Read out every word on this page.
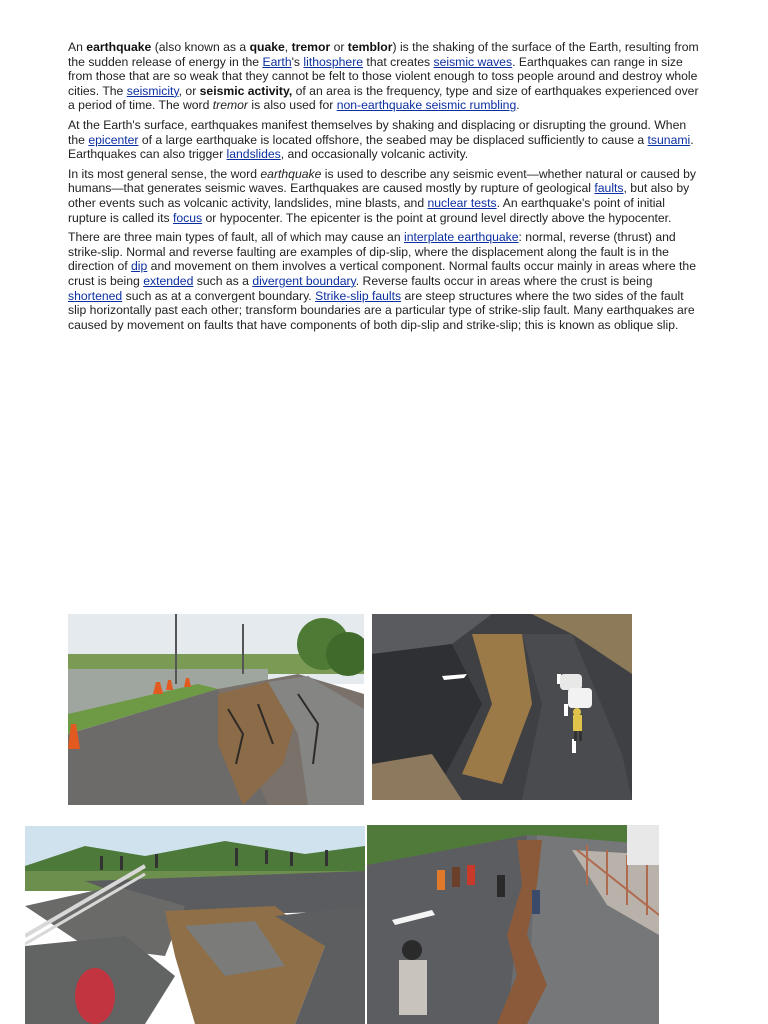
An earthquake (also known as a quake, tremor or temblor) is the shaking of the surface of the Earth, resulting from the sudden release of energy in the Earth's lithosphere that creates seismic waves. Earthquakes can range in size from those that are so weak that they cannot be felt to those violent enough to toss people around and destroy whole cities. The seismicity, or seismic activity, of an area is the frequency, type and size of earthquakes experienced over a period of time. The word tremor is also used for non-earthquake seismic rumbling.

At the Earth's surface, earthquakes manifest themselves by shaking and displacing or disrupting the ground. When the epicenter of a large earthquake is located offshore, the seabed may be displaced sufficiently to cause a tsunami. Earthquakes can also trigger landslides, and occasionally volcanic activity.

In its most general sense, the word earthquake is used to describe any seismic event—whether natural or caused by humans—that generates seismic waves. Earthquakes are caused mostly by rupture of geological faults, but also by other events such as volcanic activity, landslides, mine blasts, and nuclear tests. An earthquake's point of initial rupture is called its focus or hypocenter. The epicenter is the point at ground level directly above the hypocenter.

There are three main types of fault, all of which may cause an interplate earthquake: normal, reverse (thrust) and strike-slip. Normal and reverse faulting are examples of dip-slip, where the displacement along the fault is in the direction of dip and movement on them involves a vertical component. Normal faults occur mainly in areas where the crust is being extended such as a divergent boundary. Reverse faults occur in areas where the crust is being shortened such as at a convergent boundary. Strike-slip faults are steep structures where the two sides of the fault slip horizontally past each other; transform boundaries are a particular type of strike-slip fault. Many earthquakes are caused by movement on faults that have components of both dip-slip and strike-slip; this is known as oblique slip.
